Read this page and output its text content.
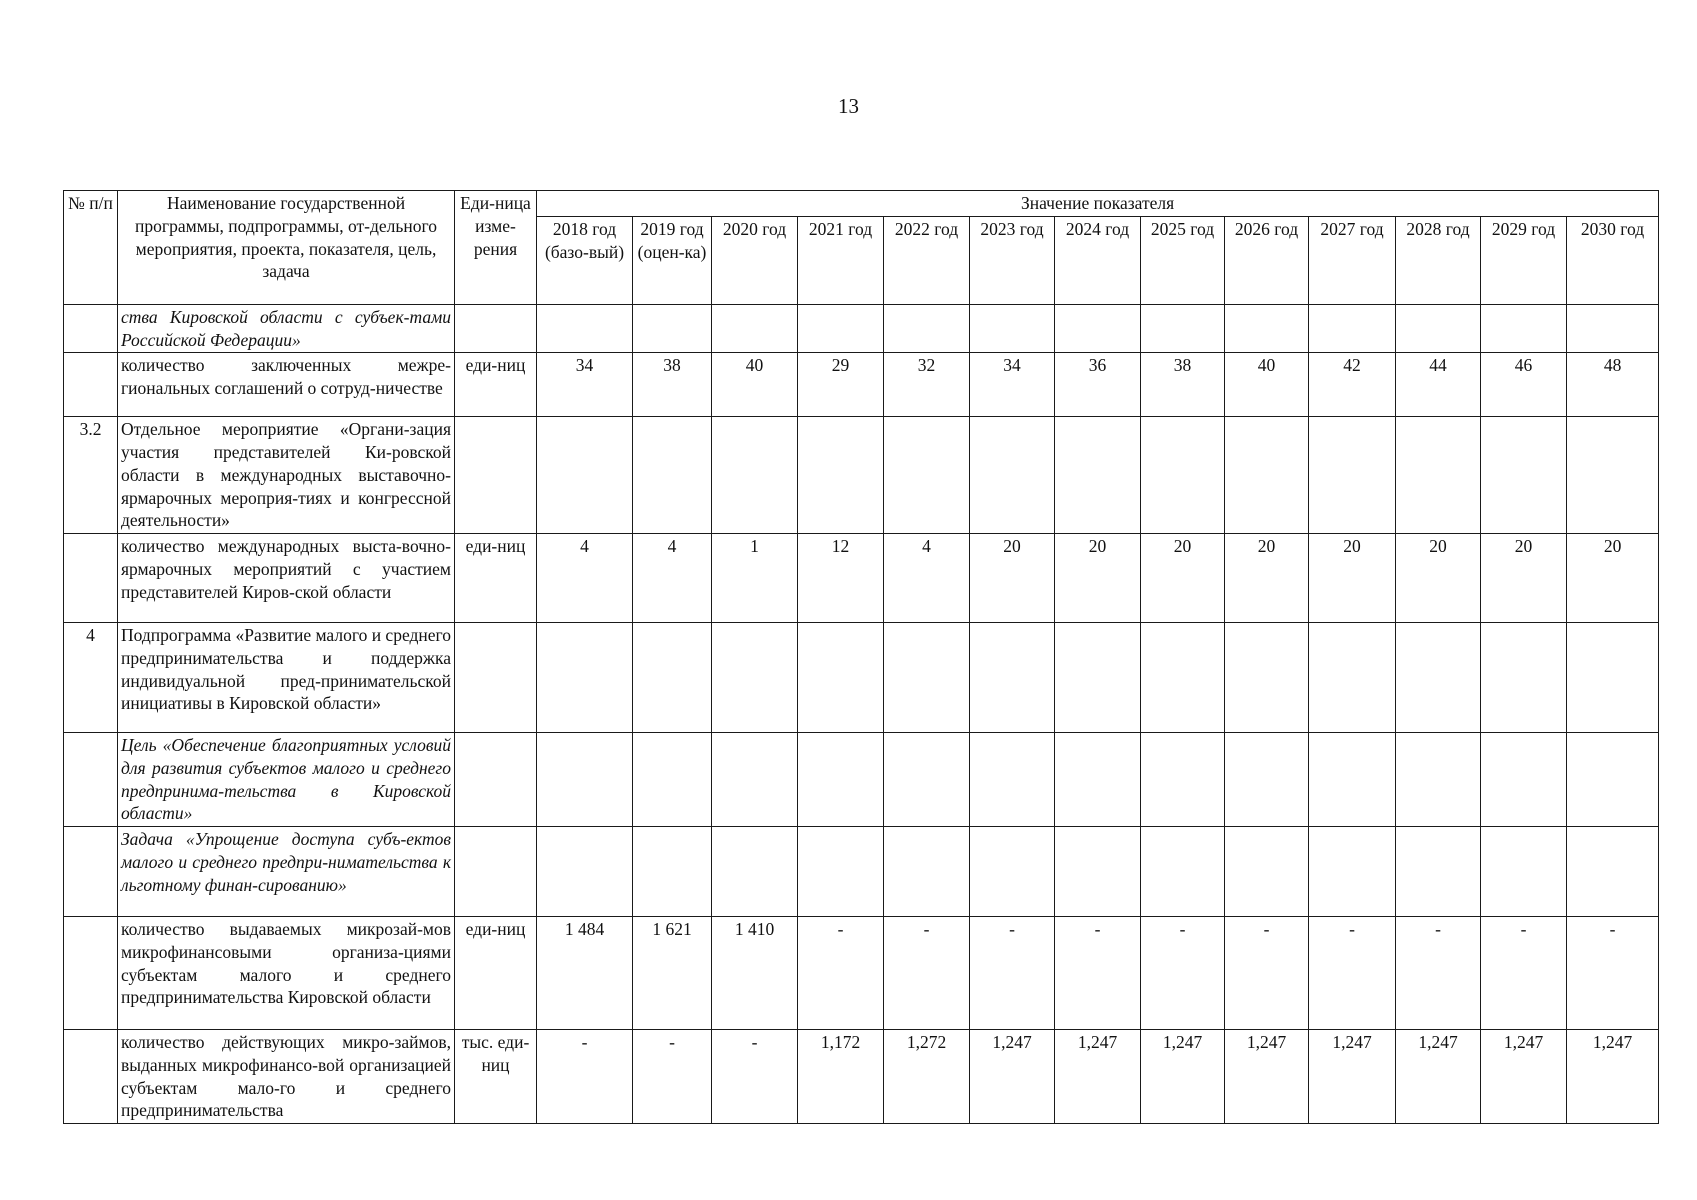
13
№ п/п	Наименование государственной программы, подпрограммы, от-дельного мероприятия, проекта, показателя, цель, задача	Еди-ница изме-рения	Значение показателя												
			2018 год (базо-вый)	2019 год (оцен-ка)	2020 год	2021 год	2022 год	2023 год	2024 год	2025 год	2026 год	2027 год	2028 год	2029 год	2030 год
	ства Кировской области с субъек-тами Российской Федерации»														
	количество заключенных межре-гиональных соглашений о сотруд-ничестве	еди-ниц	34	38	40	29	32	34	36	38	40	42	44	46	48
3.2	Отдельное мероприятие «Органи-зация участия представителей Ки-ровской области в международных выставочно-ярмарочных мероприя-тиях и конгрессной деятельности»														
	количество международных выста-вочно-ярмарочных мероприятий с участием представителей Киров-ской области	еди-ниц	4	4	1	12	4	20	20	20	20	20	20	20	20
4	Подпрограмма «Развитие малого и среднего предпринимательства и поддержка индивидуальной пред-принимательской инициативы в Кировской области»														
	Цель «Обеспечение благоприятных условий для развития субъектов малого и среднего предпринима-тельства в Кировской области»														
	Задача «Упрощение доступа субъ-ектов малого и среднего предпри-нимательства к льготному финан-сированию»														
	количество выдаваемых микрозай-мов микрофинансовыми организа-циями субъектам малого и среднего предпринимательства Кировской области	еди-ниц	1 484	1 621	1 410	-	-	-	-	-	-	-	-	-	-
	количество действующих микро-займов, выданных микрофинансо-вой организацией субъектам мало-го и среднего предпринимательства	тыс. еди-ниц	-	-	-	1,172	1,272	1,247	1,247	1,247	1,247	1,247	1,247	1,247	1,247
